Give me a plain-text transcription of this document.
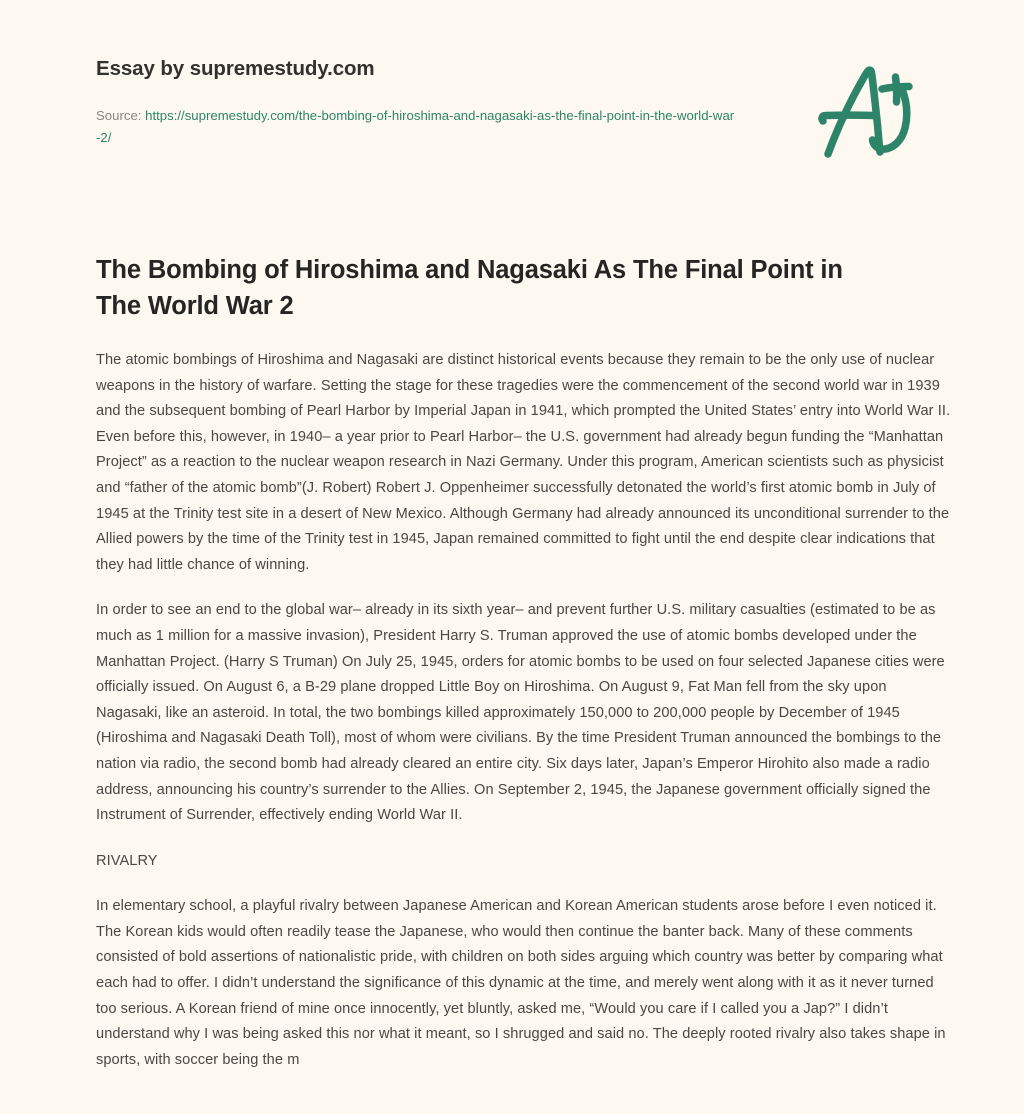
Essay by supremestudy.com
Source: https://supremestudy.com/the-bombing-of-hiroshima-and-nagasaki-as-the-final-point-in-the-world-war-2/
The Bombing of Hiroshima and Nagasaki As The Final Point in The World War 2

The atomic bombings of Hiroshima and Nagasaki are distinct historical events because they remain to be the only use of nuclear weapons in the history of warfare. Setting the stage for these tragedies were the commencement of the second world war in 1939 and the subsequent bombing of Pearl Harbor by Imperial Japan in 1941, which prompted the United States’ entry into World War II. Even before this, however, in 1940– a year prior to Pearl Harbor– the U.S. government had already begun funding the “Manhattan Project” as a reaction to the nuclear weapon research in Nazi Germany. Under this program, American scientists such as physicist and “father of the atomic bomb”(J. Robert) Robert J. Oppenheimer successfully detonated the world’s first atomic bomb in July of 1945 at the Trinity test site in a desert of New Mexico. Although Germany had already announced its unconditional surrender to the Allied powers by the time of the Trinity test in 1945, Japan remained committed to fight until the end despite clear indications that they had little chance of winning.

In order to see an end to the global war– already in its sixth year– and prevent further U.S. military casualties (estimated to be as much as 1 million for a massive invasion), President Harry S. Truman approved the use of atomic bombs developed under the Manhattan Project. (Harry S Truman) On July 25, 1945, orders for atomic bombs to be used on four selected Japanese cities were officially issued. On August 6, a B-29 plane dropped Little Boy on Hiroshima. On August 9, Fat Man fell from the sky upon Nagasaki, like an asteroid. In total, the two bombings killed approximately 150,000 to 200,000 people by December of 1945 (Hiroshima and Nagasaki Death Toll), most of whom were civilians. By the time President Truman announced the bombings to the nation via radio, the second bomb had already cleared an entire city. Six days later, Japan’s Emperor Hirohito also made a radio address, announcing his country’s surrender to the Allies. On September 2, 1945, the Japanese government officially signed the Instrument of Surrender, effectively ending World War II.

RIVALRY

In elementary school, a playful rivalry between Japanese American and Korean American students arose before I even noticed it. The Korean kids would often readily tease the Japanese, who would then continue the banter back. Many of these comments consisted of bold assertions of nationalistic pride, with children on both sides arguing which country was better by comparing what each had to offer. I didn’t understand the significance of this dynamic at the time, and merely went along with it as it never turned too serious. A Korean friend of mine once innocently, yet bluntly, asked me, “Would you care if I called you a Jap?” I didn’t understand why I was being asked this nor what it meant, so I shrugged and said no. The deeply rooted rivalry also takes shape in sports, with soccer being the m
